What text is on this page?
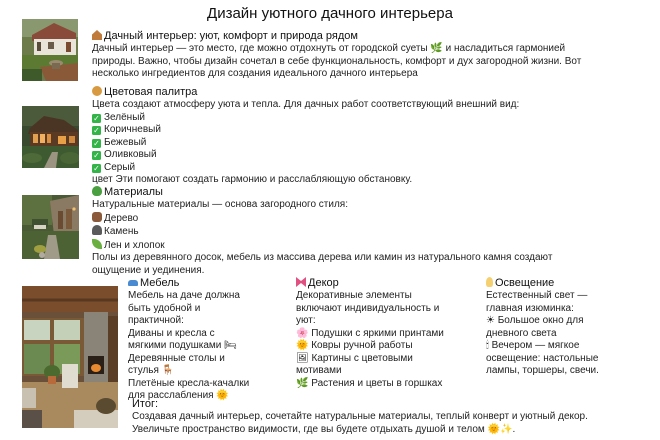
Дизайн уютного дачного интерьера
Дачный интерьер: уют, комфорт и природа рядом
Дачный интерьер — это место, где можно отдохнуть от городской суеты 🌿 и насладиться гармонией
природы. Важно, чтобы дизайн сочетал в себе функциональность, комфорт и дух загородной жизни. Вот
несколько ингредиентов для создания идеального дачного интерьера
Цветовая палитра
Цвета создают атмосферу уюта и тепла. Для дачных работ соответствующий внешний вид:
✓ Зелёный
✓ Коричневый
✓ Бежевый
✓ Оливковый
✓ Серый
цвет Эти помогают создать гармонию и расслабляющую обстановку.
Материалы
Натуральные материалы — основа загородного стиля:
Дерево
Камень
Лен и хлопок
Полы из деревянного досок, мебель из массива дерева или камин из натурального камня создают
ощущение и уединения.
Мебель
Мебель на даче должна
быть удобной и
практичной:
Диваны и кресла с
мягкими подушками 🛏
Деревянные столы и
стулья 🪑
Плетёные кресла-качалки
для расслабления 🌞
Декор
Декоративные элементы
включают индивидуальность и
уют:
🌸 Подушки с яркими принтами
🌞 Ковры ручной работы
🖼 Картины с цветовыми
мотивами
🌿 Растения и цветы в горшках
Освещение
Естественный свет —
главная изюминка:
☀ Большое окно для
дневного света
🕯 Вечером — мягкое
освещение: настольные
лампы, торшеры, свечи.
Итог:
Создавая дачный интерьер, сочетайте натуральные материалы, теплый конверт и уютный декор.
Увеличьте пространство видимости, где вы будете отдыхать душой и телом 🌞✨.
